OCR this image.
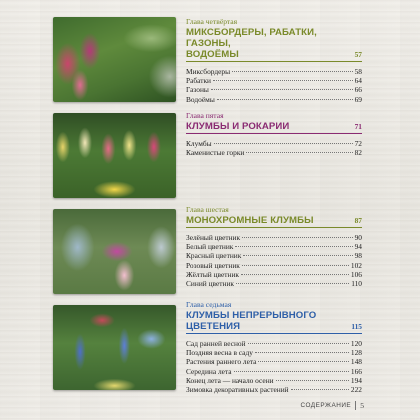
Глава четвёртая
МИКСБОРДЕРЫ, РАБАТКИ, ГАЗОНЫ,
ВОДОЁМЫ	57
Миксбордеры	58
Рабатки	64
Газоны	66
Водоёмы	69
Глава пятая
КЛУМБЫ И РОКАРИИ	71
Клумбы	72
Каменистые горки	82
Глава шестая
МОНОХРОМНЫЕ КЛУМБЫ	87
Зелёный цветник	90
Белый цветник	94
Красный цветник	98
Розовый цветник	102
Жёлтый цветник	106
Синий цветник	110
Глава седьмая
КЛУМБЫ НЕПРЕРЫВНОГО
ЦВЕТЕНИЯ	115
Сад ранней весной	120
Поздняя весна в саду	128
Растения раннего лета	148
Середина лета	166
Конец лета — начало осени	194
Зимовка декоративных растений	222
СОДЕРЖАНИЕ 5
